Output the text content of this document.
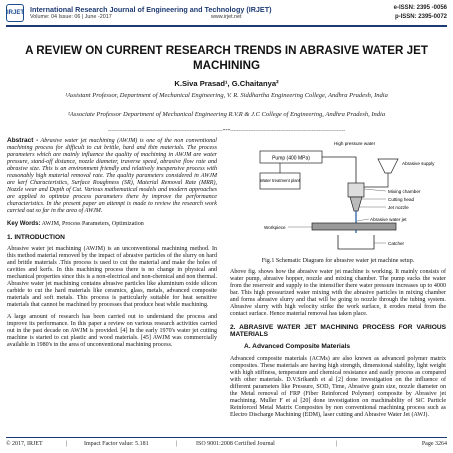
IRJET International Research Journal of Engineering and Technology (IRJET)
Volume: 04 Issue: 06 | June -2017	www.irjet.net
e-ISSN: 2395 -0056
p-ISSN: 2395-0072
A REVIEW ON CURRENT RESEARCH TRENDS IN ABRASIVE WATER JET MACHINING
K.Siva Prasad¹, G.Chaitanya²
¹Assistant Professor, Department of Mechanical Engineering, V. R. Siddhartha Engineering College, Andhra Pradesh, India
²Associate Professor Department of Mechanical Engineering R.V.R & J.C College of Engineering, Andhra Pradesh, India
---------------------------------------------------------------------***---------------------------------------------------------------------

Abstract - Abrasive water jet machining (AWJM) is one of the non conventional machining process for difficult to cut brittle, hard and thin materials. The process parameters which are mainly influence the quality of machining in AWJM are water pressure, stand-off distance, nozzle diameter, traverse speed, abrasive flow rate and abrasive size. This is an environment friendly and relatively inexpensive process with reasonably high material removal rate. The quality parameters considered in AWJM are kerf Characteristics, Surface Roughness (SR), Material Removal Rate (MRR), Nozzle wear and Depth of Cut. Various mathematical models and modern approaches are applied to optimize process parameters there by improve the performance characteristics. In the present paper an attempt is made to review the research work carried out so far in the area of AWJM.

Key Words: AWJM, Process Parameters, Optimization

1. INTRODUCTION

Abrasive water jet machining (AWJM) is an unconventional machining method. In this method material removed by the impact of abrasive particles of the slurry on hard and brittle materials .This process is used to cut the material and make the holes of cavities and kerfs. In this machining process there is no change in physical and mechanical properties since this is a non-electrical and non-chemical and non thermal. Abrasive water jet machining contains abrasive particles like aluminium oxide silicon carbide to cut the hard materials like ceramics, glass, metals, advanced composite materials and soft metals. This process is particularly suitable for heat sensitive materials that cannot be machined by processes that produce heat while machining.

A large amount of research has been carried out to understand the process and improve its performance. In this paper a review on various research activities carried out in the past decade on AWJM is provided. [4] In the early 1970's water jet cutting machine is started to cut plastic and wood materials. [45] AWJM was commercially available in 1980's in the area of unconventional machining process.

Pump (400 MPa)
Water treatment plant
High pressure water
Abrasive supply
Mixing chamber
Cutting head
Jet nozzle
Abrasive water jet
Workpiece
Catcher
Fig.1 Schematic Diagram for abrasive water jet machine setup.

Above fig. shows how the abrasive water jet machine is working. It mainly consists of water pump, abrasive hopper, nozzle and mixing chamber. The pump sucks the water from the reservoir and supply to the intensifier there water pressure increases up to 4000 bar. This high pressurized water mixing with the abrasive particles in mixing chamber and forms abrasive slurry and that will be going to nozzle through the tubing system. Abrasive slurry with high velocity strike the work surface, it erodes metal from the contact surface. Hence material removal has taken place.

2. ABRASIVE WATER JET MACHINING PROCESS FOR VARIOUS MATERIALS
A. Advanced Composite Materials

Advanced composite materials (ACMs) are also known as advanced polymer matrix composites. These materials are having high strength, dimensional stability, light weight with high stiffness, temperature and chemical resistance and easily process as compared with other materials. D.V.Srikanth et al [2] done investigation on the influence of different parameters like Pressure, SOD, Time, Abrasive grain size, nozzle diameter on the Metal removal of FRP (Fiber Reinforced Polymer) composite by Abrasive jet machining. Muller F et al [20] done investigation on machinability of SiC Particle Reinforced Metal Matrix Composites by non conventional machining process such as Electro Discharge Machining (EDM), laser cutting and Abrasive Water Jet (AWJ).

© 2017, IRJET	|	Impact Factor value: 5.181	|	ISO 9001:2008 Certified Journal	|	Page 3264
